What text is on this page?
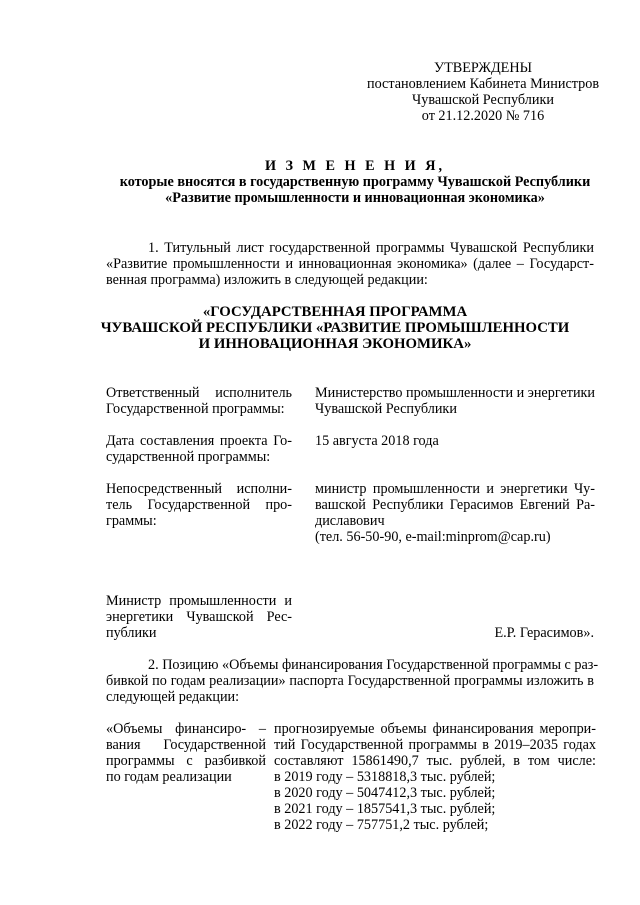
УТВЕРЖДЕНЫ
постановлением Кабинета Министров
Чувашской Республики
от 21.12.2020 № 716
И З М Е Н Е Н И Я,
которые вносятся в государственную программу Чувашской Республики
«Развитие промышленности и инновационная экономика»
1. Титульный лист государственной программы Чувашской Республики
«Развитие промышленности и инновационная экономика» (далее – Государст-
венная программа) изложить в следующей редакции:
«ГОСУДАРСТВЕННАЯ ПРОГРАММА
ЧУВАШСКОЙ РЕСПУБЛИКИ «РАЗВИТИЕ ПРОМЫШЛЕННОСТИ
И ИННОВАЦИОННАЯ ЭКОНОМИКА»
Ответственный исполнитель
Государственной программы:
Министерство промышленности и энергетики
Чувашской Республики
Дата составления проекта Го-
сударственной программы:
15 августа 2018 года
Непосредственный исполни-
тель Государственной про-
граммы:
министр промышленности и энергетики Чу-
вашской Республики Герасимов Евгений Ра-
диславович
(тел. 56-50-90, e-mail:minprom@cap.ru)
Министр промышленности и
энергетики Чувашской Рес-
публики	Е.Р. Герасимов».
2. Позицию «Объемы финансирования Государственной программы с раз-
бивкой по годам реализации» паспорта Государственной программы изложить в
следующей редакции:
«Объемы финансиро- –
вания Государственной
программы с разбивкой
по годам реализации
прогнозируемые объемы финансирования меропри-
тий Государственной программы в 2019–2035 годах
составляют 15861490,7 тыс. рублей, в том числе:
в 2019 году – 5318818,3 тыс. рублей;
в 2020 году – 5047412,3 тыс. рублей;
в 2021 году – 1857541,3 тыс. рублей;
в 2022 году – 757751,2 тыс. рублей;
